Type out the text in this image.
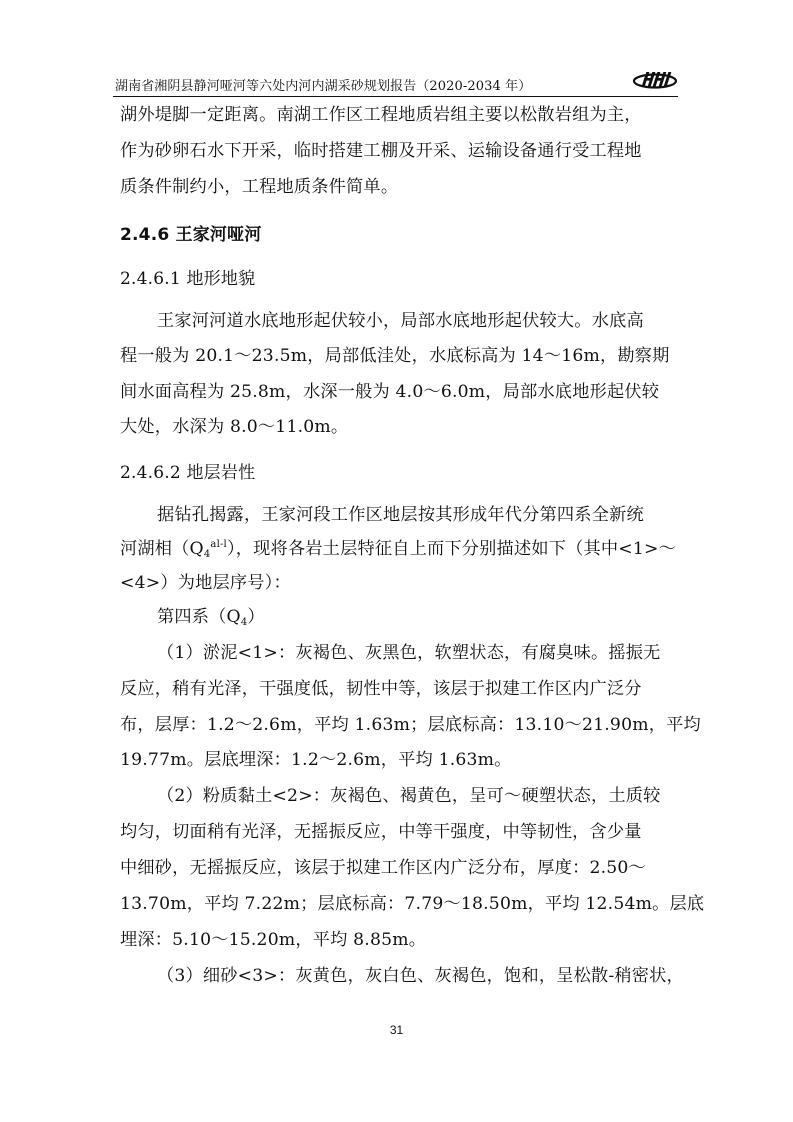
湖南省湘阴县静河哑河等六处内河内湖采砂规划报告（2020-2034 年）
湖外堤脚一定距离。南湖工作区工程地质岩组主要以松散岩组为主，
作为砂卵石水下开采，临时搭建工棚及开采、运输设备通行受工程地
质条件制约小，工程地质条件简单。
2.4.6 王家河哑河
2.4.6.1 地形地貌
王家河河道水底地形起伏较小，局部水底地形起伏较大。水底高
程一般为 20.1～23.5m，局部低洼处，水底标高为 14～16m，勘察期
间水面高程为 25.8m，水深一般为 4.0～6.0m，局部水底地形起伏较
大处，水深为 8.0～11.0m。
2.4.6.2 地层岩性
据钻孔揭露，王家河段工作区地层按其形成年代分第四系全新统
河湖相$(Q_4^{al-l})$，现将各岩土层特征自上而下分别描述如下（其中<1>～
<4>）为地层序号）：
第四系$(Q_4)$
（1）淤泥<1>：灰褐色、灰黑色，软塑状态，有腐臭味。摇振无
反应，稍有光泽，干强度低，韧性中等，该层于拟建工作区内广泛分
布，层厚：1.2～2.6m，平均 1.63m；层底标高：13.10～21.90m，平均
19.77m。层底埋深：1.2～2.6m，平均 1.63m。
（2）粉质黏土<2>：灰褐色、褐黄色，呈可～硬塑状态，土质较
均匀，切面稍有光泽，无摇振反应，中等干强度，中等韧性，含少量
中细砂，无摇振反应，该层于拟建工作区内广泛分布，厚度：2.50～
13.70m，平均 7.22m；层底标高：7.79～18.50m，平均 12.54m。层底
埋深：5.10～15.20m，平均 8.85m。
（3）细砂<3>：灰黄色，灰白色、灰褐色，饱和，呈松散-稍密状，
31
